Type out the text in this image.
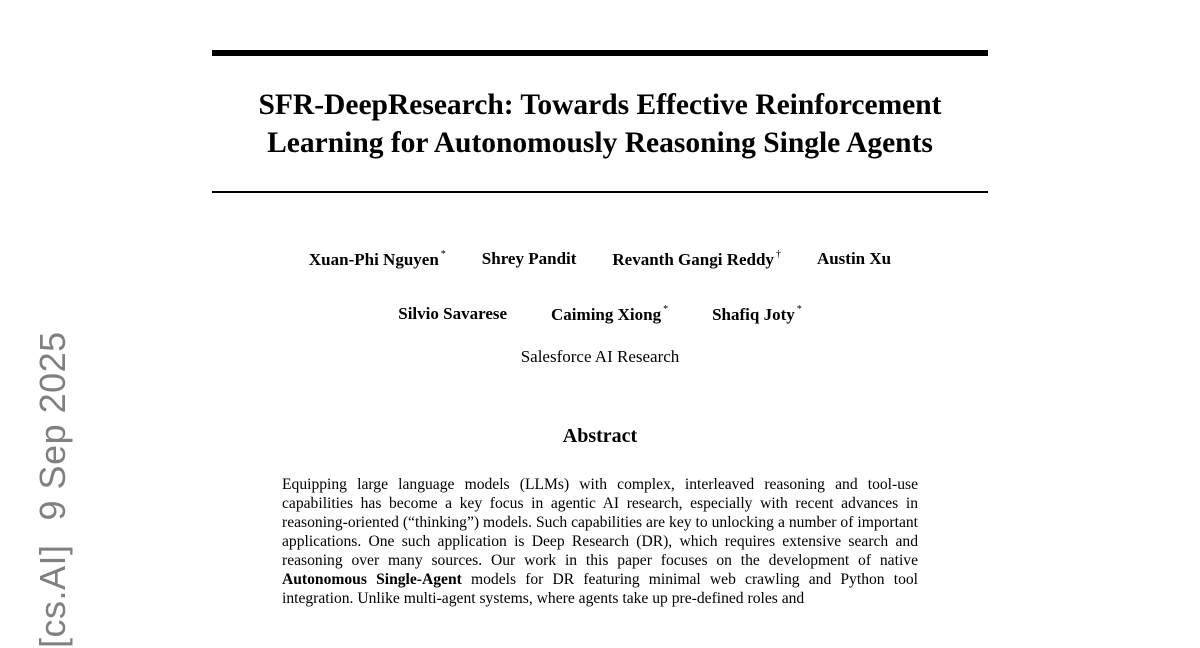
SFR-DeepResearch: Towards Effective Reinforcement
Learning for Autonomously Reasoning Single Agents
Xuan-Phi Nguyen * Shrey Pandit Revanth Gangi Reddy † Austin Xu
Silvio Savarese	Caiming Xiong *	Shafiq Joty *
Salesforce AI Research
Abstract

Equipping large language models (LLMs) with complex, interleaved reasoning and tool-use capabilities has become a key focus in agentic AI research, especially with recent advances in reasoning-oriented (“thinking”) models. Such capabilities are key to unlocking a number of important applications. One such application is Deep Research (DR), which requires extensive search and reasoning over many sources. Our work in this paper focuses on the development of native Autonomous Single-Agent models for DR featuring minimal web crawling and Python tool integration. Unlike multi-agent systems, where agents take up pre-defined roles and

[cs.AI]9 Sep 2025
